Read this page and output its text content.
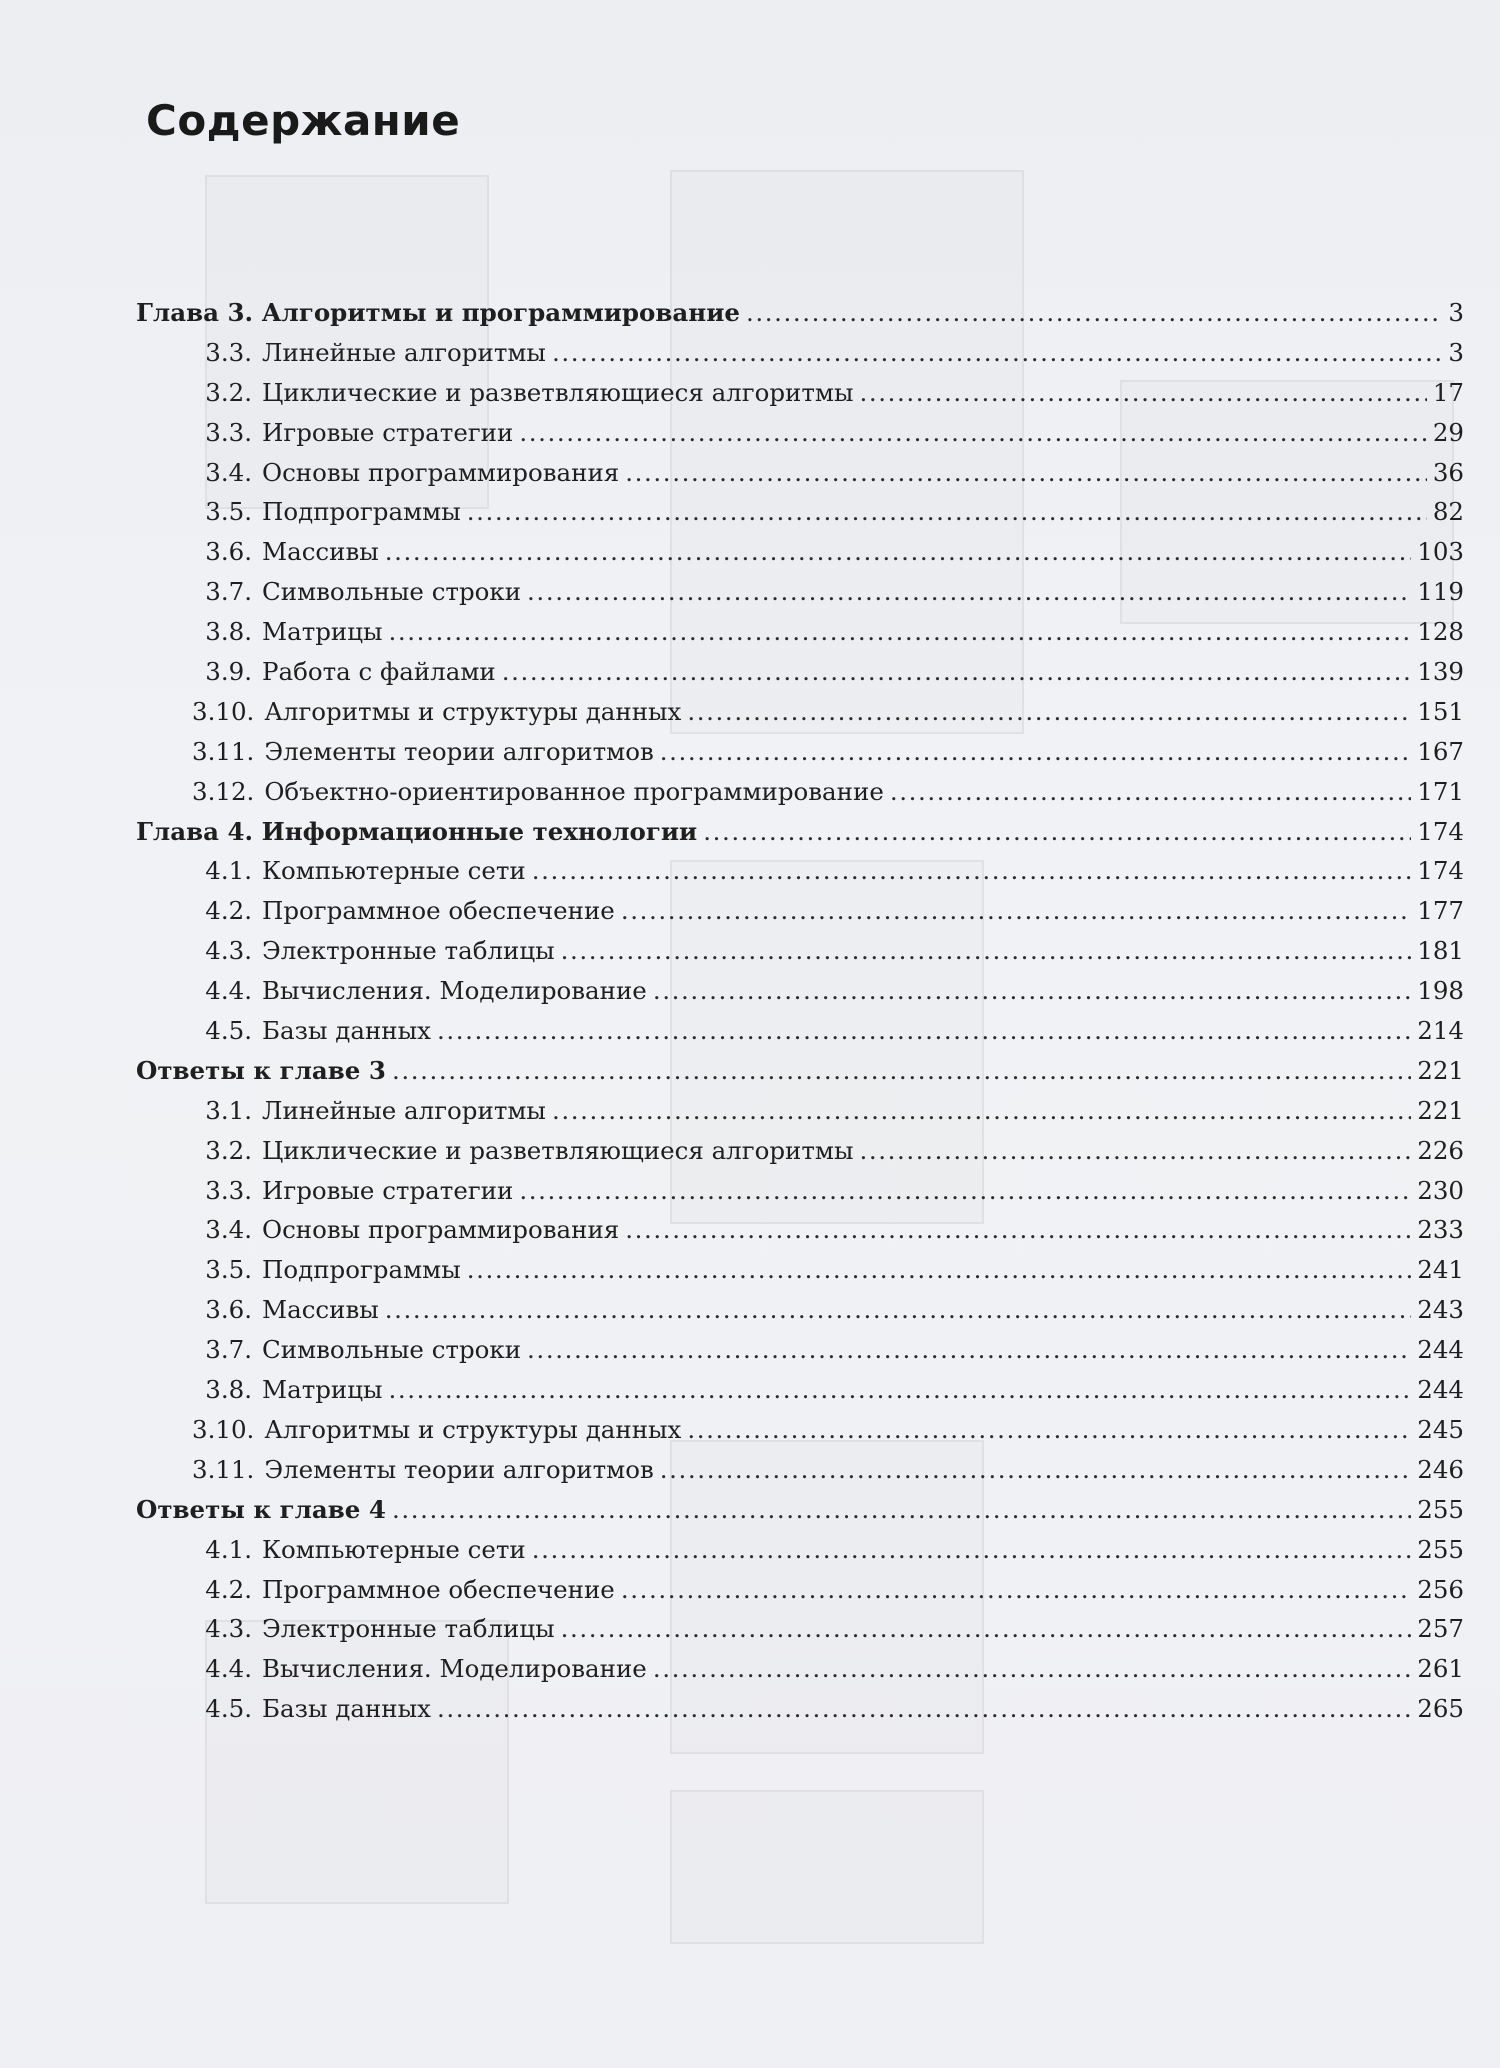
Содержание
Глава 3. Алгоритмы и программирование .....	3
3.3. Линейные алгоритмы .....	3
3.2. Циклические и разветвляющиеся алгоритмы .....	17
3.3. Игровые стратегии .....	29
3.4. Основы программирования .....	36
3.5. Подпрограммы .....	82
3.6. Массивы .....	103
3.7. Символьные строки .....	119
3.8. Матрицы .....	128
3.9. Работа с файлами .....	139
3.10. Алгоритмы и структуры данных .....	151
3.11. Элементы теории алгоритмов .....	167
3.12. Объектно-ориентированное программирование .....	171
Глава 4. Информационные технологии .....	174
4.1. Компьютерные сети .....	174
4.2. Программное обеспечение .....	177
4.3. Электронные таблицы .....	181
4.4. Вычисления. Моделирование .....	198
4.5. Базы данных .....	214
Ответы к главе 3 .....	221
3.1. Линейные алгоритмы .....	221
3.2. Циклические и разветвляющиеся алгоритмы .....	226
3.3. Игровые стратегии .....	230
3.4. Основы программирования .....	233
3.5. Подпрограммы .....	241
3.6. Массивы .....	243
3.7. Символьные строки .....	244
3.8. Матрицы .....	244
3.10. Алгоритмы и структуры данных .....	245
3.11. Элементы теории алгоритмов .....	246
Ответы к главе 4 .....	255
4.1. Компьютерные сети .....	255
4.2. Программное обеспечение .....	256
4.3. Электронные таблицы .....	257
4.4. Вычисления. Моделирование .....	261
4.5. Базы данных .....	265
